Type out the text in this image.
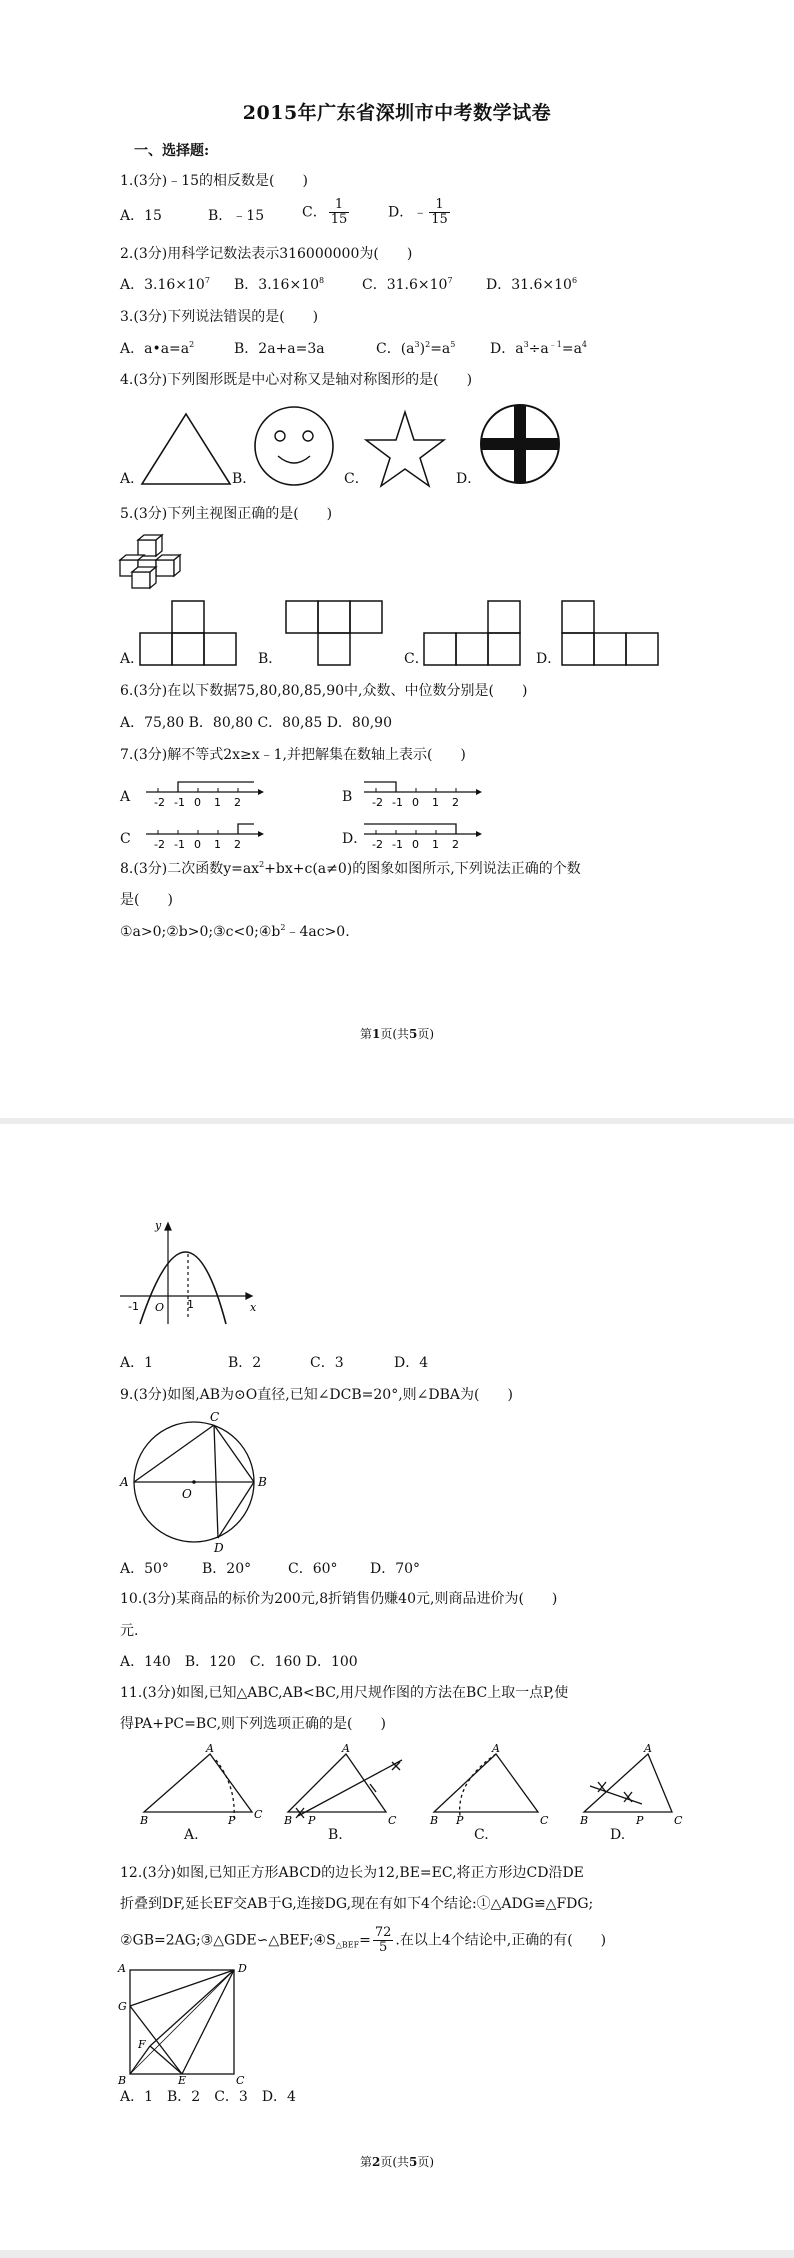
2015年广东省深圳市中考数学试卷
一、选择题:
1.(3分)﹣15的相反数是(　　)
A．15	B．﹣15	C． $\frac{1}{15}$	D．﹣ $\frac{1}{15}$
2.(3分)用科学记数法表示316000000为(　　)
A．$3.16\times 10^7$ B．$3.16\times 10^8$	C．$31.6\times 10^7$ D．$31.6\times 10^6$
3.(3分)下列说法错误的是(　　)
A．$a•a=a^2$	B．2a+a=3a	C．$(a^3)^2=a^5$ D．$a^3\div a^{﹣1}=a^4$
4.(3分)下列图形既是中心对称又是轴对称图形的是(　　)
A．	B．	C．	D．
5.(3分)下列主视图正确的是(　　)
A．	B．	C．	D．
6.(3分)在以下数据75,80,80,85,90中,众数、中位数分别是(　　)
A．75,80 B．80,80 C．80,85 D．80,90
7.(3分)解不等式2x≥x﹣1,并把解集在数轴上表示(　　)
A	B
C	D．
-2 -1 0 1 2	-2 -1 0 1 2
-2 -1 0 1 2	-2 -1 0 1 2
8.(3分)二次函数$y=ax^2+bx+c(a\ne 0)$的图象如图所示,下列说法正确的个数
是(　　)
$①a>0;②b>0;③c<0;④b^2﹣4ac>0$.
第1页(共5页)
y
x
O
-1	1
A．1	B．2	C．3	D．4
9.(3分)如图,AB为⊙O直径,已知∠DCB=20°,则∠DBA为(　　)
A	B
C
D
O
A．50° B．20°	C．60° D．70°
10.(3分)某商品的标价为200元,8折销售仍赚40元,则商品进价为(　　)
元.
A．140　B．120　C．160 D．100
11.(3分)如图,已知△ABC,AB<BC,用尺规作图的方法在BC上取一点P,使
得PA+PC=BC,则下列选项正确的是(　　)
A
B	C
P
A.
A
B	C
P
B.
A
B	C
P
C.
A
B	C
P
D.
12.(3分)如图,已知正方形ABCD的边长为12,BE=EC,将正方形边CD沿DE
折叠到DF,延长EF交AB于G,连接DG,现在有如下4个结论:①△ADG≌△FDG;
$②GB=2AG;③\triangle GDE∽\triangle BEF;④S_{\triangle BEF}= \frac{72}{5}$ .在以上4个结论中,正确的有(　　)
A	D
G
F
B	E	C
A．1　B．2　C．3　D．4
第2页(共5页)
